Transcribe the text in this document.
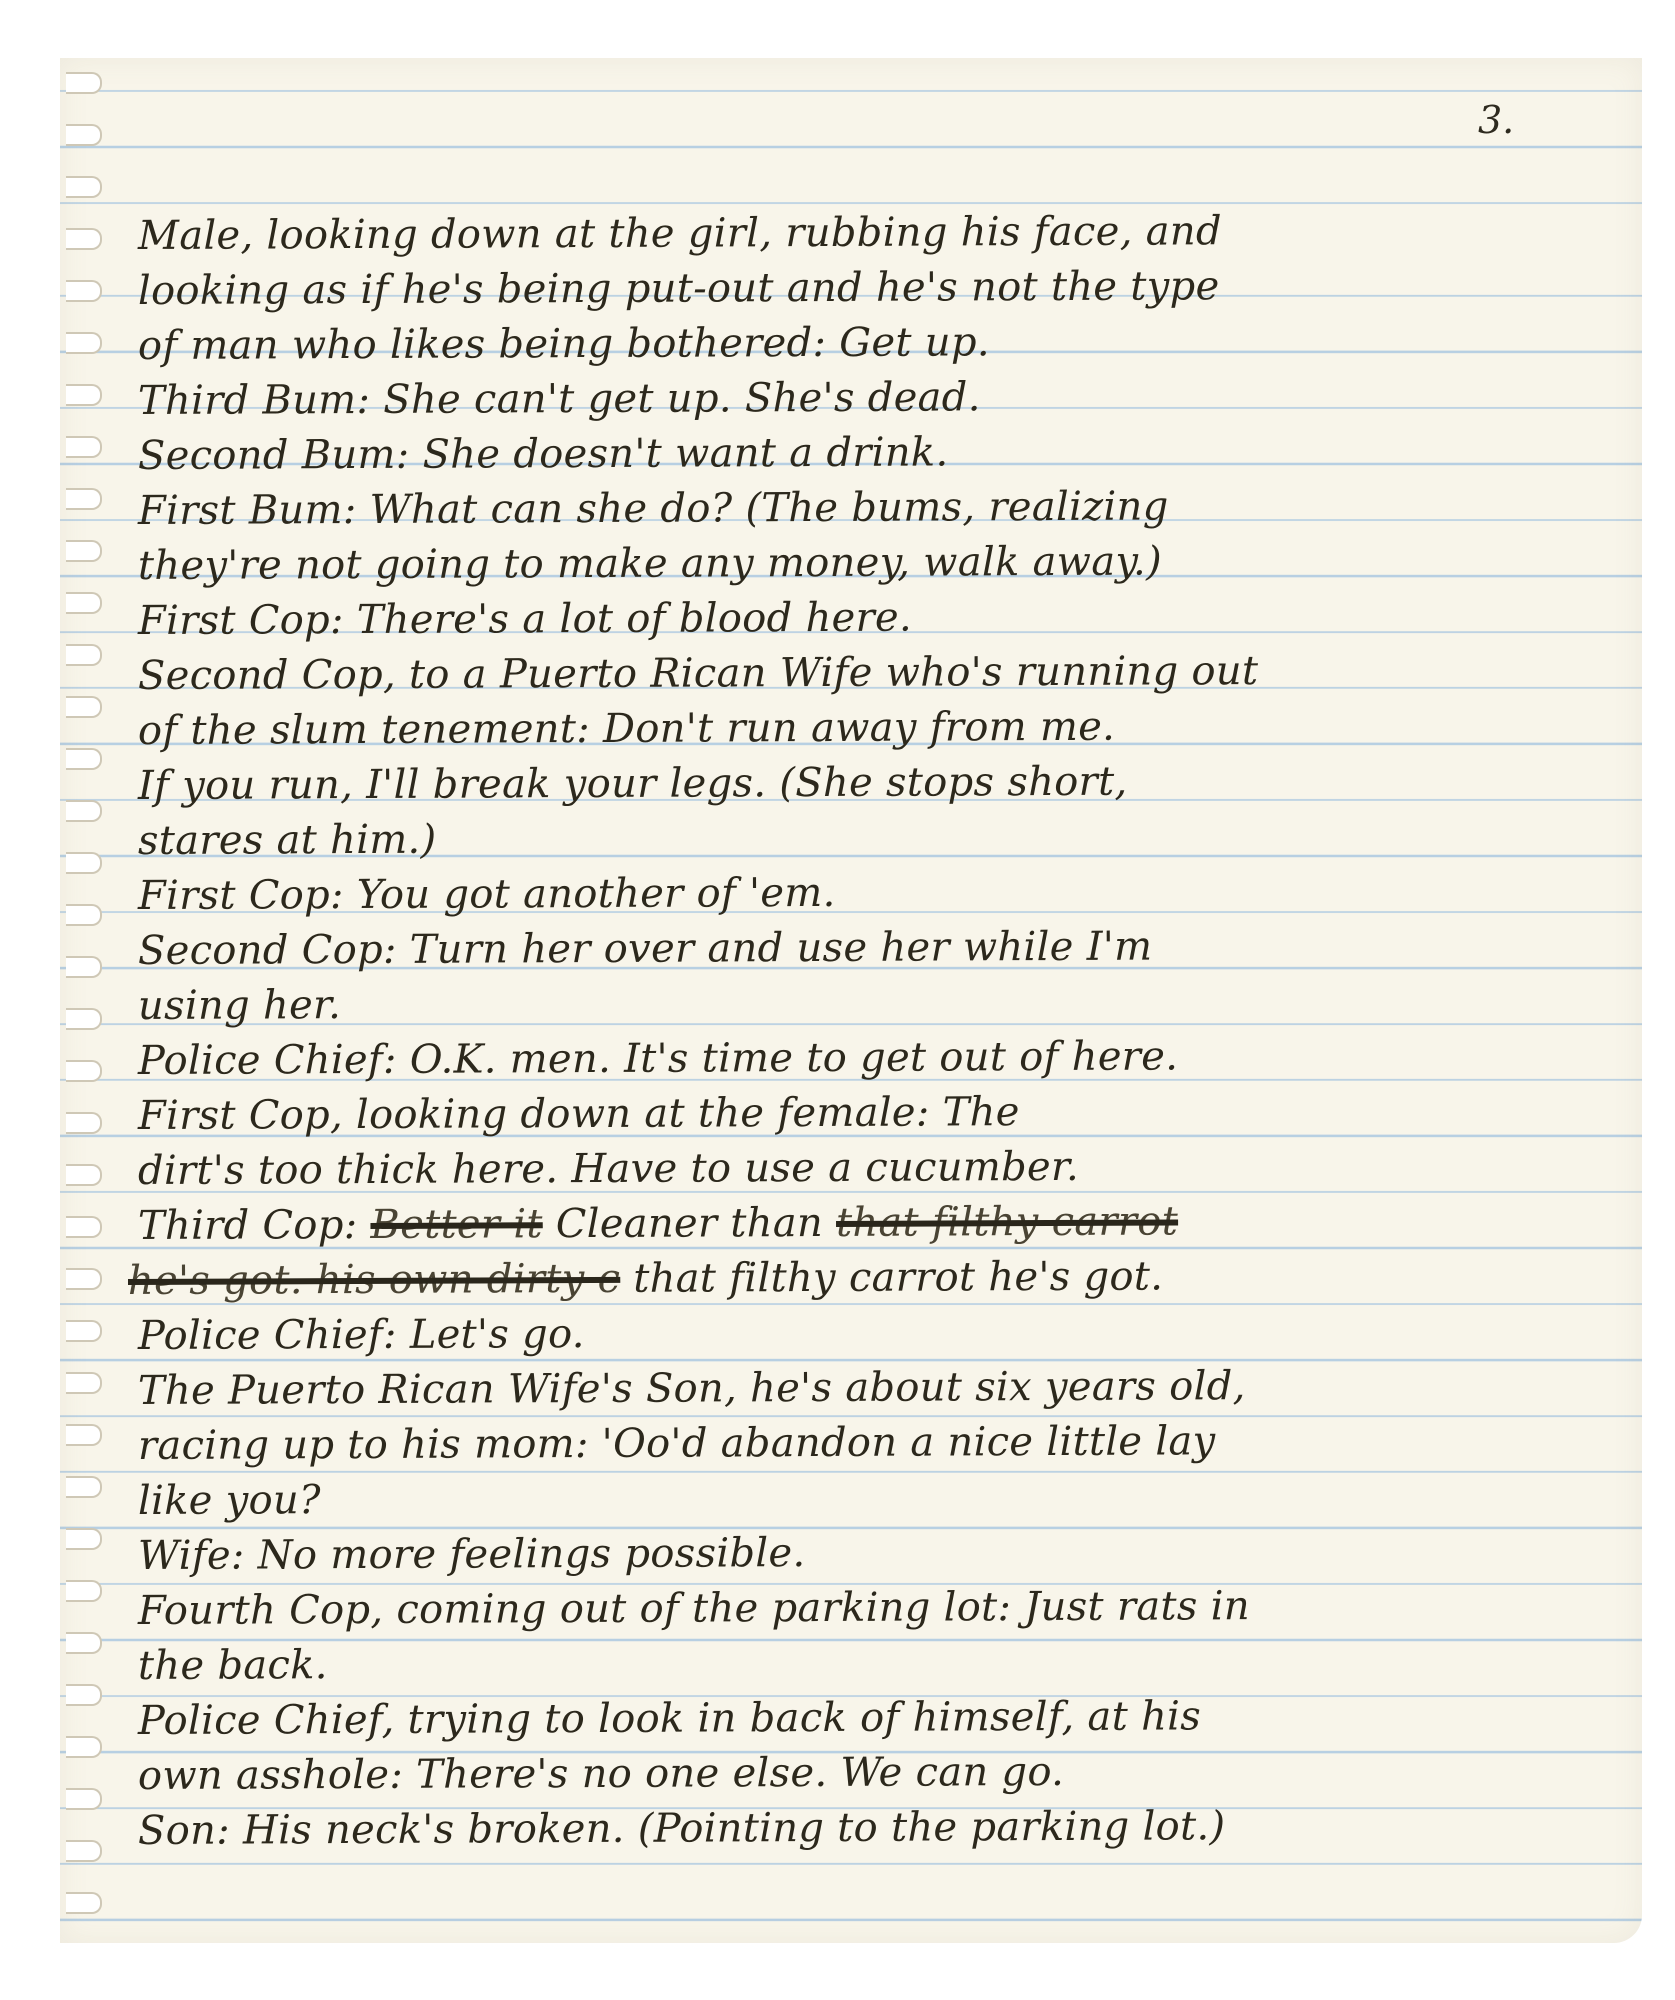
3.
Male, looking down at the girl, rubbing his face, and
looking as if he's being put-out and he's not the type
of man who likes being bothered: Get up.
Third Bum: She can't get up. She's dead.
Second Bum: She doesn't want a drink.
First Bum: What can she do? (The bums, realizing
they're not going to make any money, walk away.)
First Cop: There's a lot of blood here.
Second Cop, to a Puerto Rican Wife who's running out
of the slum tenement: Don't run away from me.
If you run, I'll break your legs. (She stops short,
stares at him.)
First Cop: You got another of 'em.
Second Cop: Turn her over and use her while I'm
using her.
Police Chief: O.K. men. It's time to get out of here.
First Cop, looking down at the female: The
dirt's too thick here. Have to use a cucumber.
Third Cop: Better it Cleaner than that filthy carrot
he's got. his own dirty c that filthy carrot he's got.
Police Chief: Let's go.
The Puerto Rican Wife's Son, he's about six years old,
racing up to his mom: 'Oo'd abandon a nice little lay
like you?
Wife: No more feelings possible.
Fourth Cop, coming out of the parking lot: Just rats in
the back.
Police Chief, trying to look in back of himself, at his
own asshole: There's no one else. We can go.
Son: His neck's broken. (Pointing to the parking lot.)
